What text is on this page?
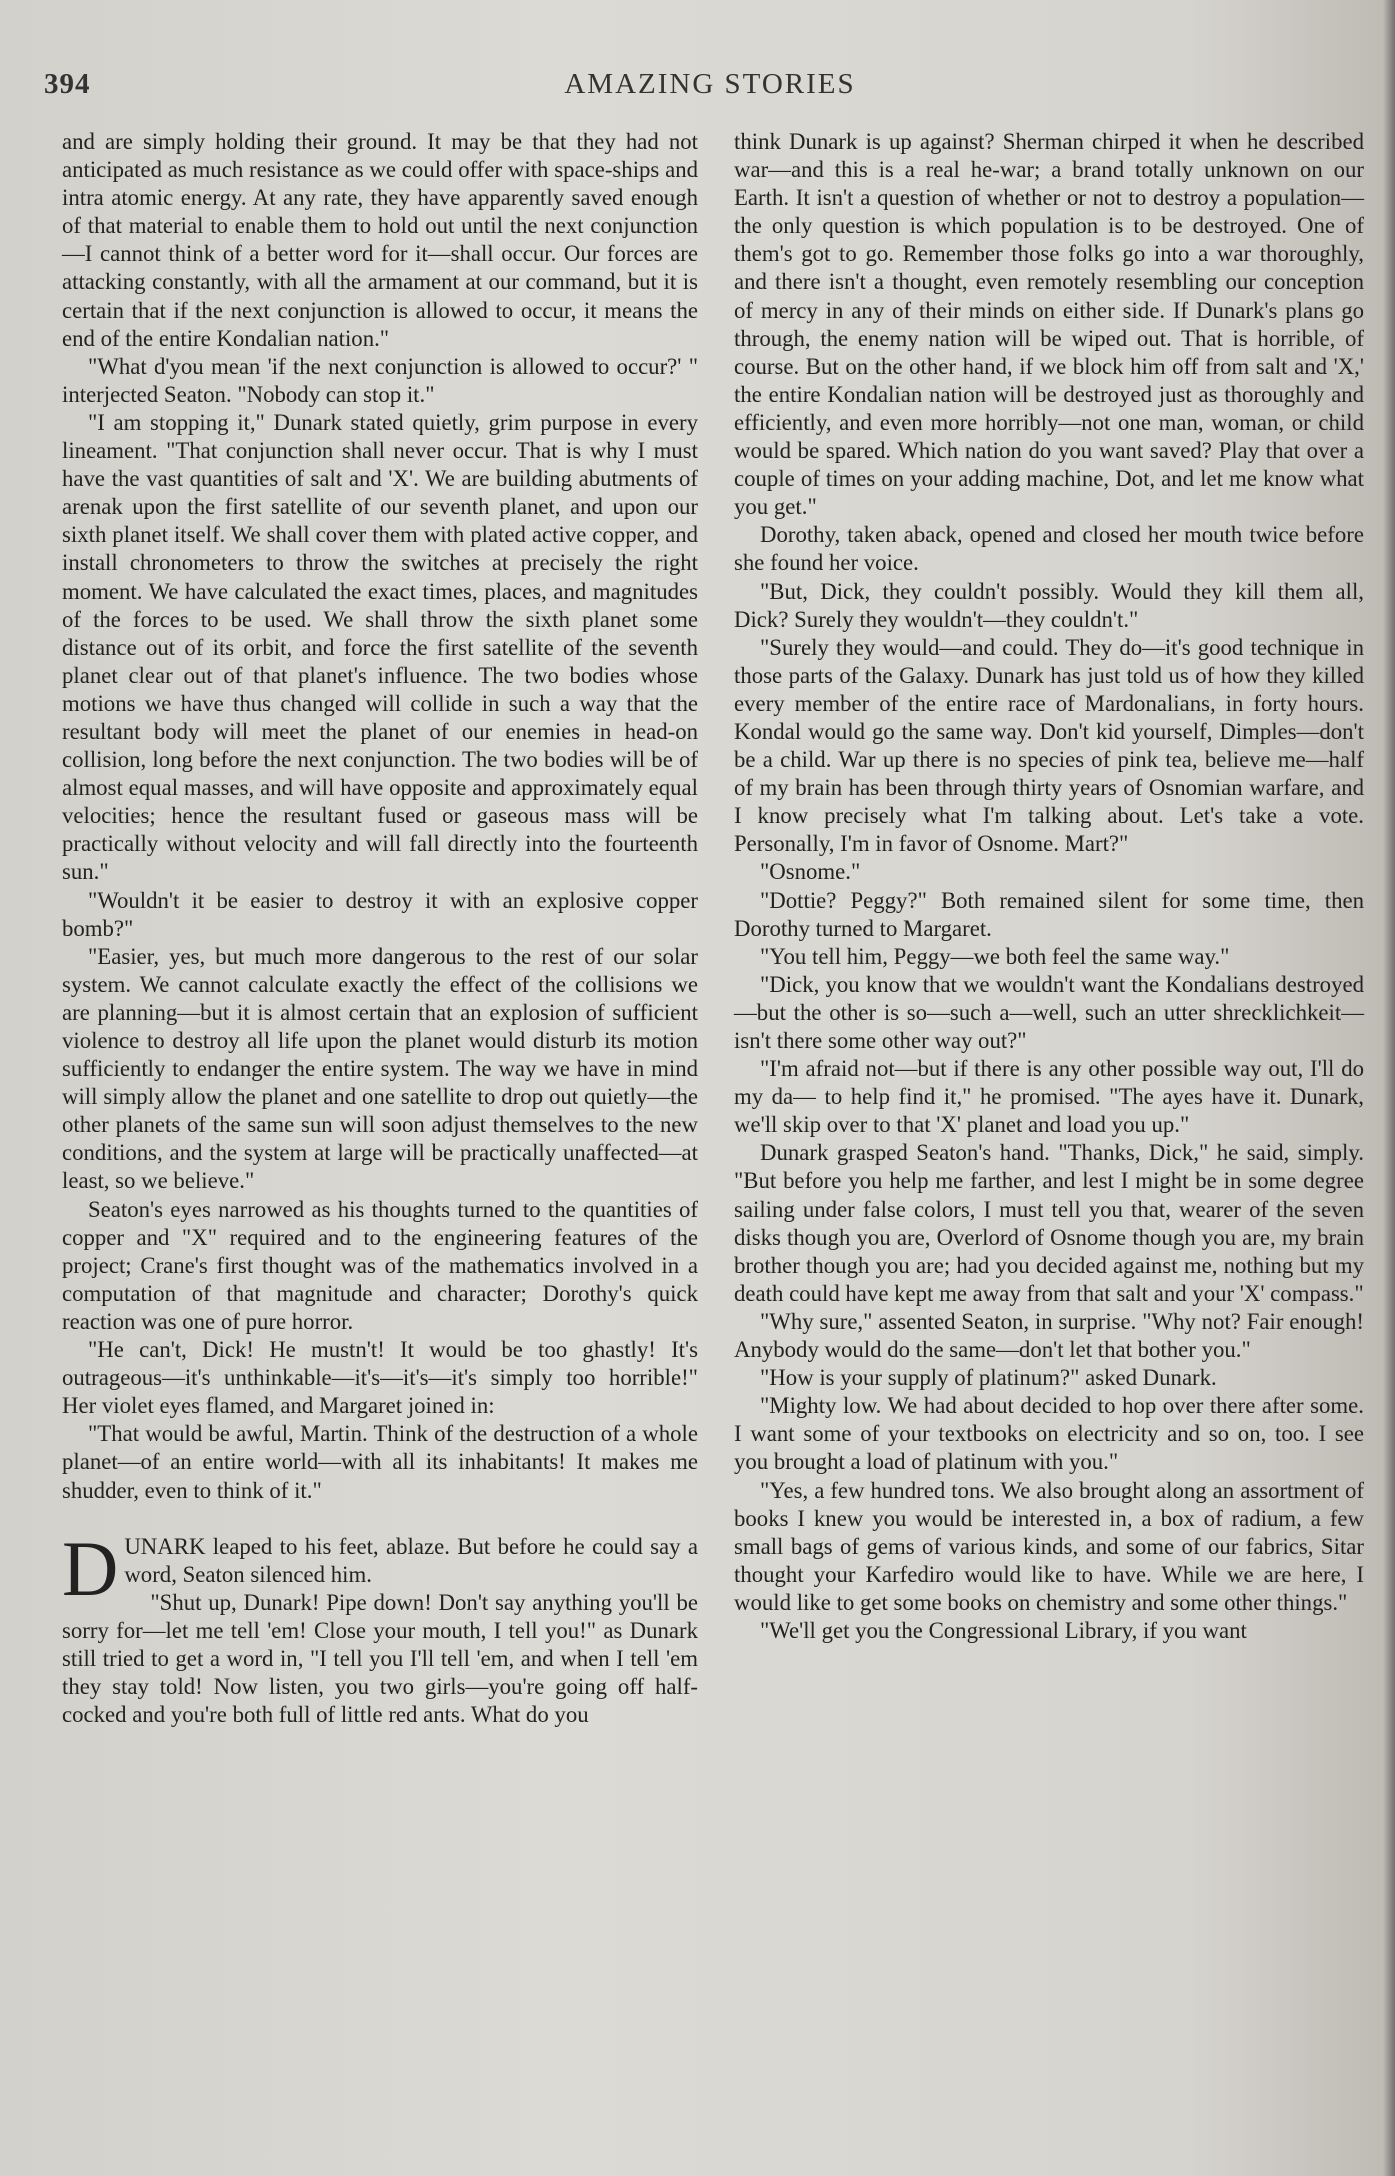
394	AMAZING STORIES

and are simply holding their ground. It may be that they had not anticipated as much resistance as we could offer with space-ships and intra atomic energy. At any rate, they have apparently saved enough of that material to enable them to hold out until the next conjunction —I cannot think of a better word for it—shall occur. Our forces are attacking constantly, with all the armament at our command, but it is certain that if the next conjunction is allowed to occur, it means the end of the entire Kondalian nation."

"What d'you mean 'if the next conjunction is allowed to occur?' " interjected Seaton. "Nobody can stop it."

"I am stopping it," Dunark stated quietly, grim purpose in every lineament. "That conjunction shall never occur. That is why I must have the vast quantities of salt and 'X'. We are building abutments of arenak upon the first satellite of our seventh planet, and upon our sixth planet itself. We shall cover them with plated active copper, and install chronometers to throw the switches at precisely the right moment. We have calculated the exact times, places, and magnitudes of the forces to be used. We shall throw the sixth planet some distance out of its orbit, and force the first satellite of the seventh planet clear out of that planet's influence. The two bodies whose motions we have thus changed will collide in such a way that the resultant body will meet the planet of our enemies in head-on collision, long before the next conjunction. The two bodies will be of almost equal masses, and will have opposite and approximately equal velocities; hence the resultant fused or gaseous mass will be practically without velocity and will fall directly into the fourteenth sun."

"Wouldn't it be easier to destroy it with an explosive copper bomb?"

"Easier, yes, but much more dangerous to the rest of our solar system. We cannot calculate exactly the effect of the collisions we are planning—but it is almost certain that an explosion of sufficient violence to destroy all life upon the planet would disturb its motion sufficiently to endanger the entire system. The way we have in mind will simply allow the planet and one satellite to drop out quietly—the other planets of the same sun will soon adjust themselves to the new conditions, and the system at large will be practically unaffected—at least, so we believe."

Seaton's eyes narrowed as his thoughts turned to the quantities of copper and "X" required and to the engineering features of the project; Crane's first thought was of the mathematics involved in a computation of that magnitude and character; Dorothy's quick reaction was one of pure horror.

"He can't, Dick! He mustn't! It would be too ghastly! It's outrageous—it's unthinkable—it's—it's—it's simply too horrible!" Her violet eyes flamed, and Margaret joined in:

"That would be awful, Martin. Think of the destruction of a whole planet—of an entire world—with all its inhabitants! It makes me shudder, even to think of it."

DUNARK leaped to his feet, ablaze. But before he could say a word, Seaton silenced him.

"Shut up, Dunark! Pipe down! Don't say anything you'll be sorry for—let me tell 'em! Close your mouth, I tell you!" as Dunark still tried to get a word in, "I tell you I'll tell 'em, and when I tell 'em they stay told! Now listen, you two girls—you're going off half-cocked and you're both full of little red ants. What do you

think Dunark is up against? Sherman chirped it when he described war—and this is a real he-war; a brand totally unknown on our Earth. It isn't a question of whether or not to destroy a population—the only question is which population is to be destroyed. One of them's got to go. Remember those folks go into a war thoroughly, and there isn't a thought, even remotely resembling our conception of mercy in any of their minds on either side. If Dunark's plans go through, the enemy nation will be wiped out. That is horrible, of course. But on the other hand, if we block him off from salt and 'X,' the entire Kondalian nation will be destroyed just as thoroughly and efficiently, and even more horribly—not one man, woman, or child would be spared. Which nation do you want saved? Play that over a couple of times on your adding machine, Dot, and let me know what you get."

Dorothy, taken aback, opened and closed her mouth twice before she found her voice.

"But, Dick, they couldn't possibly. Would they kill them all, Dick? Surely they wouldn't—they couldn't."

"Surely they would—and could. They do—it's good technique in those parts of the Galaxy. Dunark has just told us of how they killed every member of the entire race of Mardonalians, in forty hours. Kondal would go the same way. Don't kid yourself, Dimples—don't be a child. War up there is no species of pink tea, believe me—half of my brain has been through thirty years of Osnomian warfare, and I know precisely what I'm talking about. Let's take a vote. Personally, I'm in favor of Osnome. Mart?"

"Osnome."

"Dottie? Peggy?" Both remained silent for some time, then Dorothy turned to Margaret.

"You tell him, Peggy—we both feel the same way."

"Dick, you know that we wouldn't want the Kondalians destroyed—but the other is so—such a—well, such an utter shrecklichkeit—isn't there some other way out?"

"I'm afraid not—but if there is any other possible way out, I'll do my da— to help find it," he promised. "The ayes have it. Dunark, we'll skip over to that 'X' planet and load you up."

Dunark grasped Seaton's hand. "Thanks, Dick," he said, simply. "But before you help me farther, and lest I might be in some degree sailing under false colors, I must tell you that, wearer of the seven disks though you are, Overlord of Osnome though you are, my brain brother though you are; had you decided against me, nothing but my death could have kept me away from that salt and your 'X' compass."

"Why sure," assented Seaton, in surprise. "Why not? Fair enough! Anybody would do the same—don't let that bother you."

"How is your supply of platinum?" asked Dunark.

"Mighty low. We had about decided to hop over there after some. I want some of your textbooks on electricity and so on, too. I see you brought a load of platinum with you."

"Yes, a few hundred tons. We also brought along an assortment of books I knew you would be interested in, a box of radium, a few small bags of gems of various kinds, and some of our fabrics, Sitar thought your Karfediro would like to have. While we are here, I would like to get some books on chemistry and some other things."

"We'll get you the Congressional Library, if you want
